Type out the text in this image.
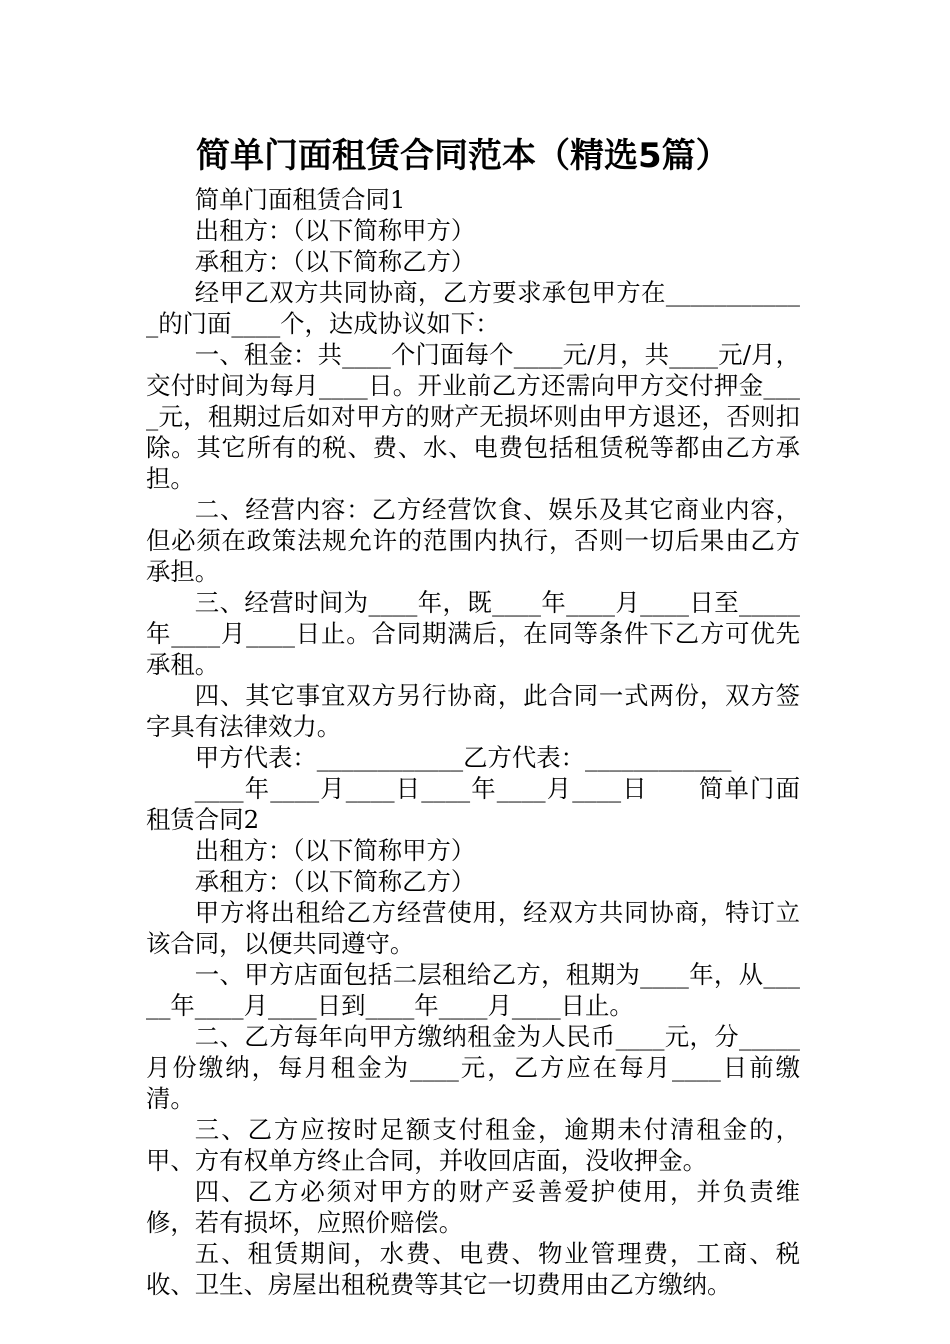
简单门面租赁合同范本（精选5篇）

简单门面租赁合同1

出租方：（以下简称甲方）

承租方：（以下简称乙方）

经甲乙双方共同协商，乙方要求承包甲方在____________的门面____个，达成协议如下：

一、租金：共____个门面每个____元/月，共____元/月，交付时间为每月____日。开业前乙方还需向甲方交付押金____元，租期过后如对甲方的财产无损坏则由甲方退还，否则扣除。其它所有的税、费、水、电费包括租赁税等都由乙方承担。

二、经营内容：乙方经营饮食、娱乐及其它商业内容，但必须在政策法规允许的范围内执行，否则一切后果由乙方承担。

三、经营时间为____年，既____年____月____日至_____年____月____日止。合同期满后，在同等条件下乙方可优先承租。

四、其它事宜双方另行协商，此合同一式两份，双方签字具有法律效力。

甲方代表：____________乙方代表：____________

____年____月____日____年____月____日　　简单门面租赁合同2

出租方：（以下简称甲方）

承租方：（以下简称乙方）

甲方将出租给乙方经营使用，经双方共同协商，特订立该合同，以便共同遵守。

一、甲方店面包括二层租给乙方，租期为____年，从_____年____月____日到____年____月____日止。

二、乙方每年向甲方缴纳租金为人民币____元，分_____月份缴纳，每月租金为____元，乙方应在每月____日前缴清。

三、乙方应按时足额支付租金，逾期未付清租金的，甲、方有权单方终止合同，并收回店面，没收押金。

四、乙方必须对甲方的财产妥善爱护使用，并负责维修，若有损坏，应照价赔偿。

五、租赁期间，水费、电费、物业管理费，工商、税收、卫生、房屋出租税费等其它一切费用由乙方缴纳。
